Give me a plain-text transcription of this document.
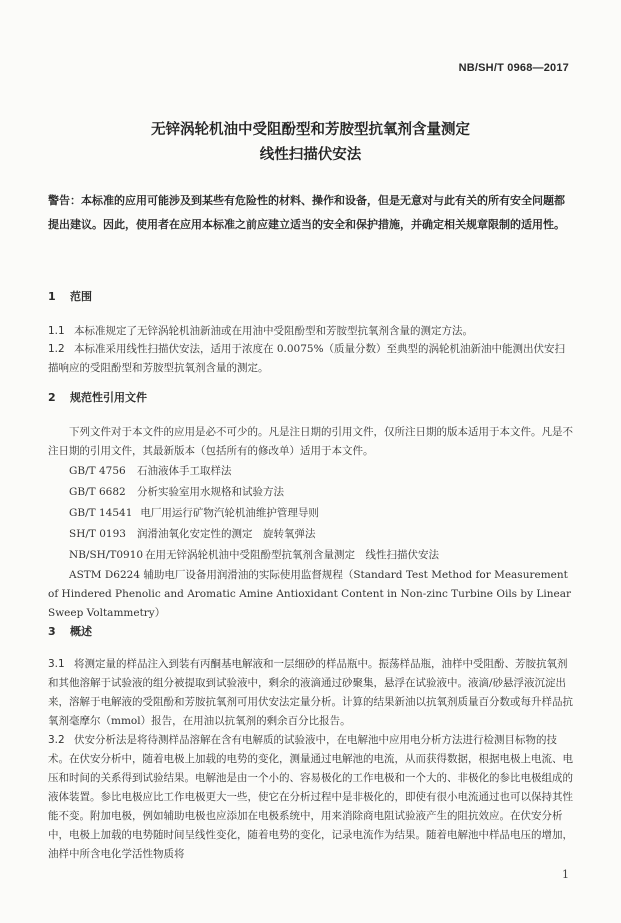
NB/SH/T 0968—2017
无锌涡轮机油中受阻酚型和芳胺型抗氧剂含量测定
线性扫描伏安法
警告：本标准的应用可能涉及到某些有危险性的材料、操作和设备，但是无意对与此有关的所有安全问题都提出建议。因此，使用者在应用本标准之前应建立适当的安全和保护措施，并确定相关规章限制的适用性。
1 范围
1.1 本标准规定了无锌涡轮机油新油或在用油中受阻酚型和芳胺型抗氧剂含量的测定方法。
1.2 本标准采用线性扫描伏安法，适用于浓度在 0.0075%（质量分数）至典型的涡轮机油新油中能测出伏安扫描响应的受阻酚型和芳胺型抗氧剂含量的测定。
2 规范性引用文件
下列文件对于本文件的应用是必不可少的。凡是注日期的引用文件，仅所注日期的版本适用于本文件。凡是不注日期的引用文件，其最新版本（包括所有的修改单）适用于本文件。
GB/T 4756 石油液体手工取样法
GB/T 6682 分析实验室用水规格和试验方法
GB/T 14541 电厂用运行矿物汽轮机油维护管理导则
SH/T 0193 润滑油氧化安定性的测定　旋转氧弹法
NB/SH/T0910 在用无锌涡轮机油中受阻酚型抗氧剂含量测定　线性扫描伏安法
ASTM D6224 辅助电厂设备用润滑油的实际使用监督规程（Standard Test Method for Measurement of Hindered Phenolic and Aromatic Amine Antioxidant Content in Non-zinc Turbine Oils by Linear Sweep Voltammetry）
3 概述
3.1 将测定量的样品注入到装有丙酮基电解液和一层细砂的样品瓶中。振荡样品瓶，油样中受阻酚、芳胺抗氧剂和其他溶解于试验液的组分被提取到试验液中，剩余的液滴通过砂聚集，悬浮在试验液中。液滴/砂悬浮液沉淀出来，溶解于电解液的受阻酚和芳胺抗氧剂可用伏安法定量分析。计算的结果新油以抗氧剂质量百分数或每升样品抗氧剂毫摩尔（mmol）报告，在用油以抗氧剂的剩余百分比报告。
3.2 伏安分析法是将待测样品溶解在含有电解质的试验液中，在电解池中应用电分析方法进行检测目标物的技术。在伏安分析中，随着电极上加载的电势的变化，测量通过电解池的电流，从而获得数据，根据电极上电流、电压和时间的关系得到试验结果。电解池是由一个小的、容易极化的工作电极和一个大的、非极化的参比电极组成的液体装置。参比电极应比工作电极更大一些，使它在分析过程中是非极化的，即使有很小电流通过也可以保持其性能不变。附加电极，例如辅助电极也应添加在电极系统中，用来消除商电阻试验液产生的阻抗效应。在伏安分析中，电极上加载的电势随时间呈线性变化，随着电势的变化，记录电流作为结果。随着电解池中样品电压的增加，油样中所含电化学活性物质将
1
